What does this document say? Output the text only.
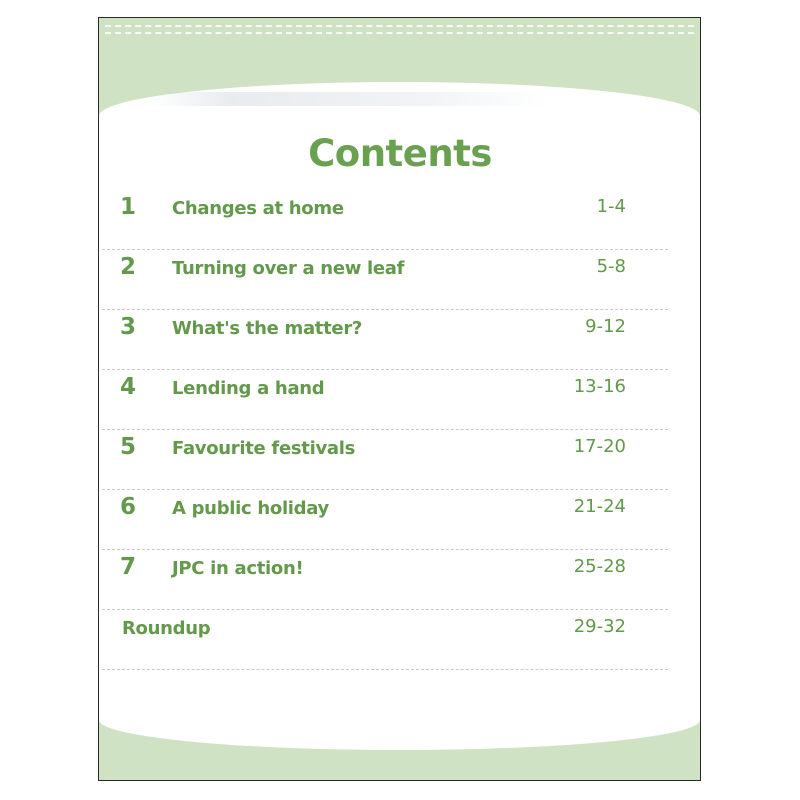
Contents
1 Changes at home	1-4
2 Turning over a new leaf	5-8
3 What's the matter?	9-12
4 Lending a hand	13-16
5 Favourite festivals	17-20
6 A public holiday	21-24
7 JPC in action!	25-28
Roundup	29-32
